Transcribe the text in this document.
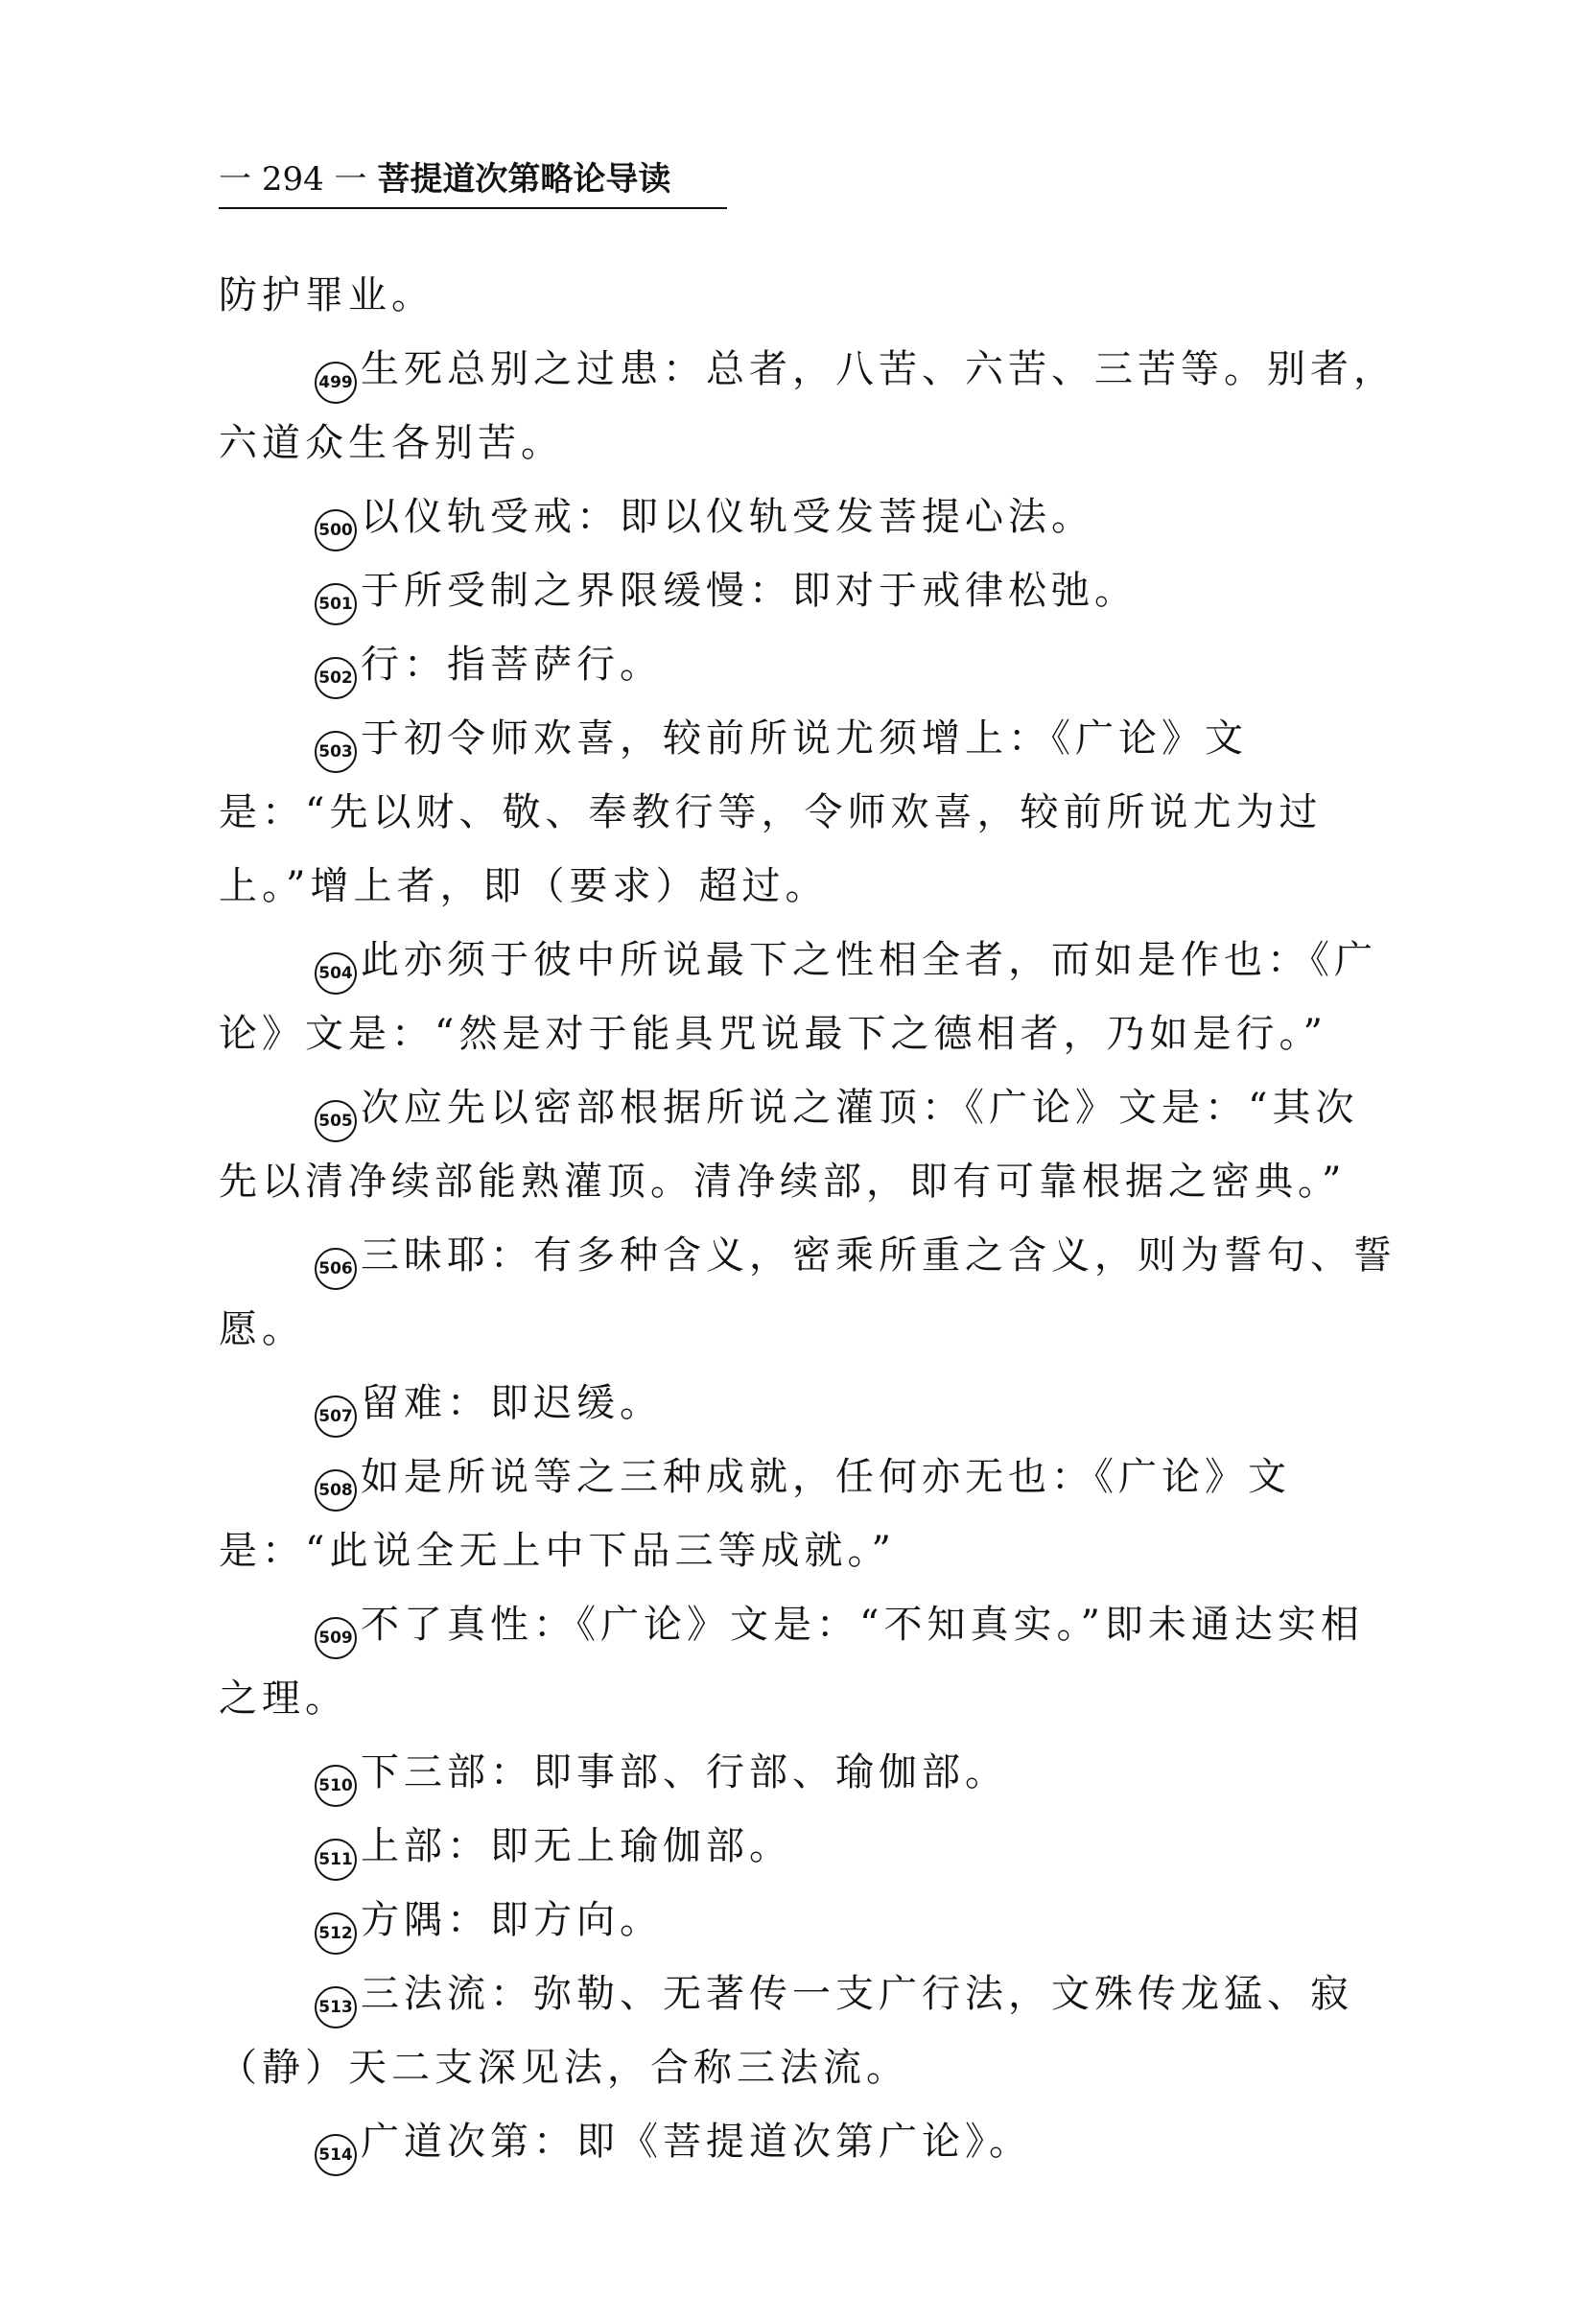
一 294 一 菩提道次第略论导读

防护罪业。

499 生死总别之过患：总者，八苦、六苦、三苦等。别者，六道众生各别苦。

500 以仪轨受戒：即以仪轨受发菩提心法。

501 于所受制之界限缓慢：即对于戒律松弛。

502 行：指菩萨行。

503 于初令师欢喜，较前所说尤须增上：《广论》文是：“先以财、敬、奉教行等，令师欢喜，较前所说尤为过上。”增上者，即（要求）超过。

504 此亦须于彼中所说最下之性相全者，而如是作也：《广论》文是：“然是对于能具咒说最下之德相者，乃如是行。”

505 次应先以密部根据所说之灌顶：《广论》文是：“其次先以清净续部能熟灌顶。清净续部，即有可靠根据之密典。”

506 三昧耶：有多种含义，密乘所重之含义，则为誓句、誓愿。

507 留难：即迟缓。

508 如是所说等之三种成就，任何亦无也：《广论》文是：“此说全无上中下品三等成就。”

509 不了真性：《广论》文是：“不知真实。”即未通达实相之理。

510 下三部：即事部、行部、瑜伽部。

511 上部：即无上瑜伽部。

512 方隅：即方向。

513 三法流：弥勒、无著传一支广行法，文殊传龙猛、寂（静）天二支深见法，合称三法流。

514 广道次第：即《菩提道次第广论》。
